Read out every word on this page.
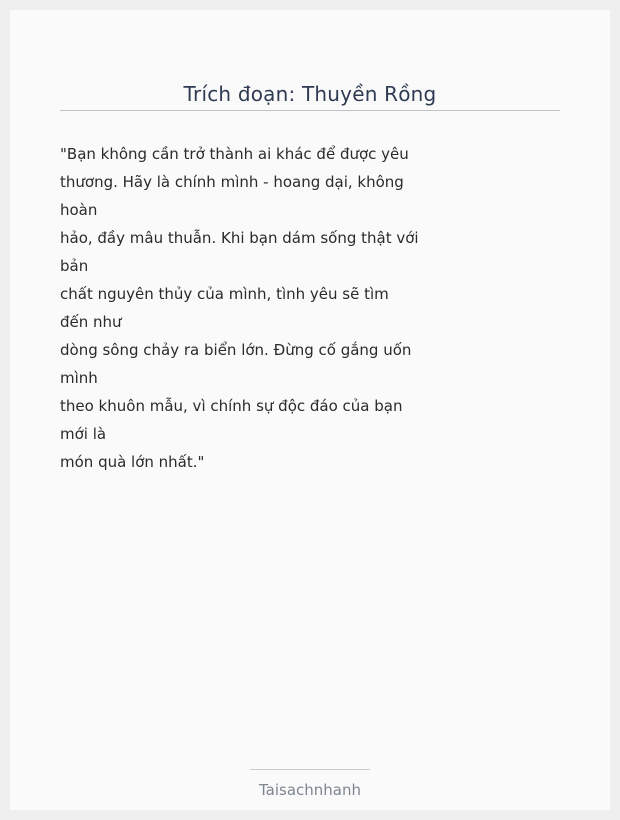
Trích đoạn: Thuyền Rồng
"Bạn không cần trở thành ai khác để được yêu
thương. Hãy là chính mình - hoang dại, không
hoàn
hảo, đầy mâu thuẫn. Khi bạn dám sống thật với
bản
chất nguyên thủy của mình, tình yêu sẽ tìm
đến như
dòng sông chảy ra biển lớn. Đừng cố gắng uốn
mình
theo khuôn mẫu, vì chính sự độc đáo của bạn
mới là
món quà lớn nhất."
Taisachnhanh
